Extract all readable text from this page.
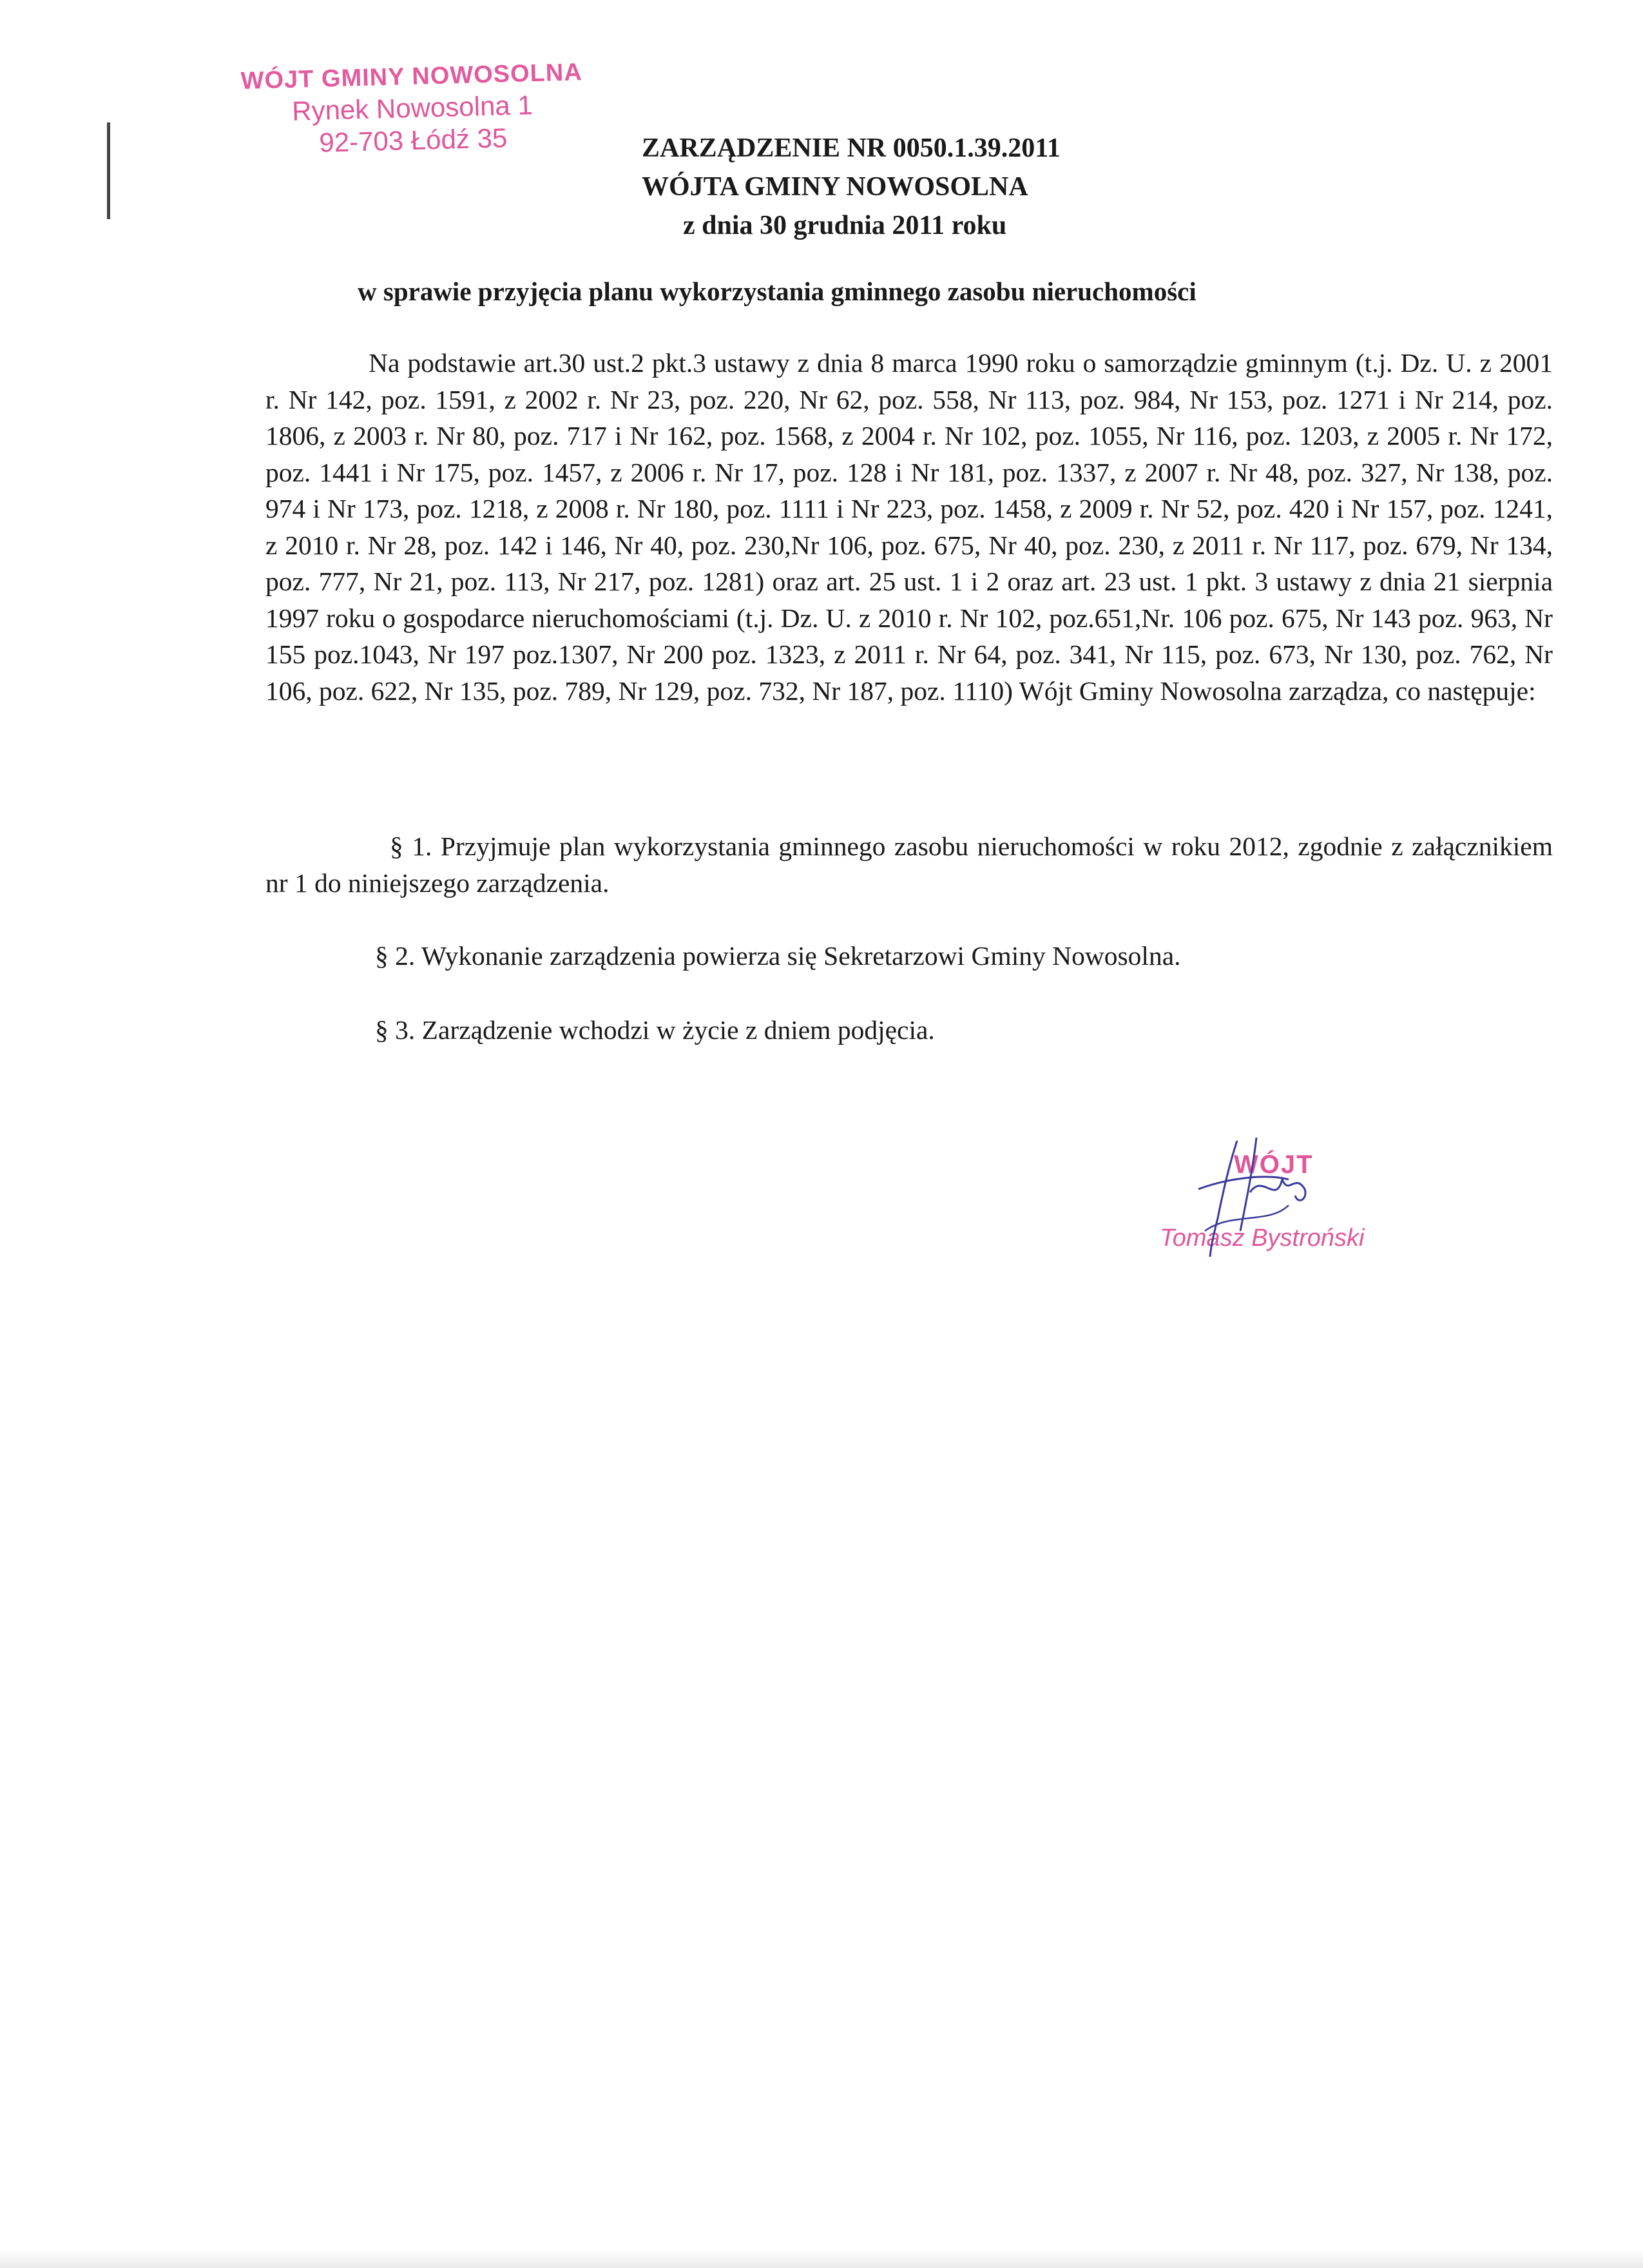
WÓJT GMINY NOWOSOLNA
Rynek Nowosolna 1
92-703 Łódź 35	ZARZĄDZENIE NR 0050.1.39.2011
WÓJTA GMINY NOWOSOLNA
z dnia 30 grudnia 2011 roku
w sprawie przyjęcia planu wykorzystania gminnego zasobu nieruchomości
Na podstawie art.30 ust.2 pkt.3 ustawy z dnia 8 marca 1990 roku o samorządzie gminnym (t.j. Dz. U. z 2001 r. Nr 142, poz. 1591, z 2002 r. Nr 23, poz. 220, Nr 62, poz. 558, Nr 113, poz. 984, Nr 153, poz. 1271 i Nr 214, poz. 1806, z 2003 r. Nr 80, poz. 717 i Nr 162, poz. 1568, z 2004 r. Nr 102, poz. 1055, Nr 116, poz. 1203, z 2005 r. Nr 172, poz. 1441 i Nr 175, poz. 1457, z 2006 r. Nr 17, poz. 128 i Nr 181, poz. 1337, z 2007 r. Nr 48, poz. 327, Nr 138, poz. 974 i Nr 173, poz. 1218, z 2008 r. Nr 180, poz. 1111 i Nr 223, poz. 1458, z 2009 r. Nr 52, poz. 420 i Nr 157, poz. 1241, z 2010 r. Nr 28, poz. 142 i 146, Nr 40, poz. 230,Nr 106, poz. 675, Nr 40, poz. 230, z 2011 r. Nr 117, poz. 679, Nr 134, poz. 777, Nr 21, poz. 113, Nr 217, poz. 1281) oraz art. 25 ust. 1 i 2 oraz art. 23 ust. 1 pkt. 3 ustawy z dnia 21 sierpnia 1997 roku o gospodarce nieruchomościami (t.j. Dz. U. z 2010 r. Nr 102, poz.651,Nr. 106 poz. 675, Nr 143 poz. 963, Nr 155 poz.1043, Nr 197 poz.1307, Nr 200 poz. 1323, z 2011 r. Nr 64, poz. 341, Nr 115, poz. 673, Nr 130, poz. 762, Nr 106, poz. 622, Nr 135, poz. 789, Nr 129, poz. 732, Nr 187, poz. 1110) Wójt Gminy Nowosolna zarządza, co następuje:
§ 1. Przyjmuje plan wykorzystania gminnego zasobu nieruchomości w roku 2012, zgodnie z załącznikiem nr 1 do niniejszego zarządzenia.
§ 2. Wykonanie zarządzenia powierza się Sekretarzowi Gminy Nowosolna.
§ 3. Zarządzenie wchodzi w życie z dniem podjęcia.
WÓJT
Tomasz Bystroński
